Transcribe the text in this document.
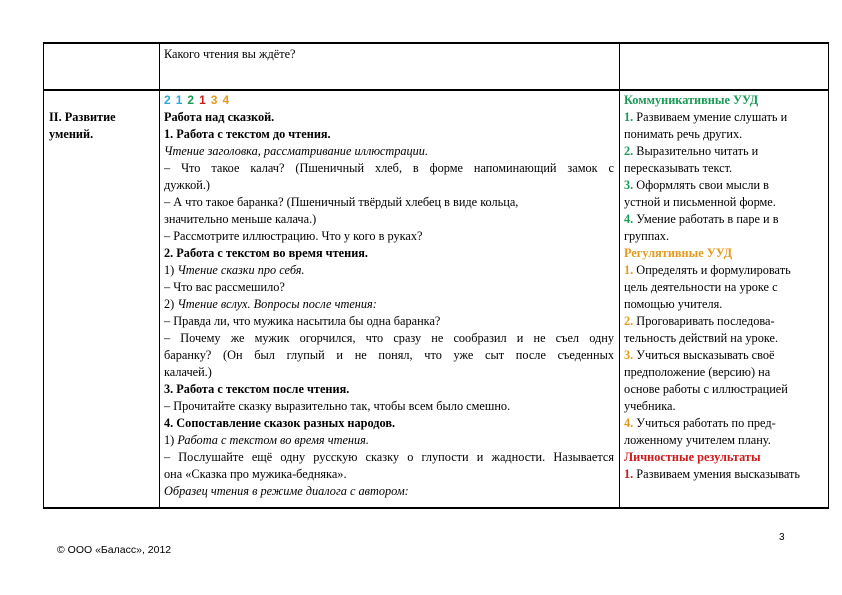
Какого чтения вы ждёте?
II. Развитие
умений.
2 1 2 1 3 4
Работа над сказкой.
1. Работа с текстом до чтения.
Чтение заголовка, рассматривание иллюстрации.
– Что такое калач? (Пшеничный хлеб, в форме напоминающий замок с
дужкой.)
– А что такое баранка? (Пшеничный твёрдый хлебец в виде кольца,
значительно меньше калача.)
– Рассмотрите иллюстрацию. Что у кого в руках?
2. Работа с текстом во время чтения.
1) Чтение сказки про себя.
– Что вас рассмешило?
2) Чтение вслух. Вопросы после чтения:
– Правда ли, что мужика насытила бы одна баранка?
– Почему же мужик огорчился, что сразу не сообразил и не съел одну
баранку? (Он был глупый и не понял, что уже сыт после съеденных
калачей.)
3. Работа с текстом после чтения.
– Прочитайте сказку выразительно так, чтобы всем было смешно.
4. Сопоставление сказок разных народов.
1) Работа с текстом во время чтения.
– Послушайте ещё одну русскую сказку о глупости и жадности. Называется
она «Сказка про мужика-бедняка».
Образец чтения в режиме диалога с автором:
Коммуникативные УУД
1. Развиваем умение слушать и
понимать речь других.
2. Выразительно читать и
пересказывать текст.
3. Оформлять свои мысли в
устной и письменной форме.
4. Умение работать в паре и в
группах.
Регулятивные УУД
1. Определять и формулировать
цель деятельности на уроке с
помощью учителя.
2. Проговаривать последова-
тельность действий на уроке.
3. Учиться высказывать своё
предположение (версию) на
основе работы с иллюстрацией
учебника.
4. Учиться работать по пред-
ложенному учителем плану.
Личностные результаты
1. Развиваем умения высказывать
3
© ООО «Баласс», 2012
